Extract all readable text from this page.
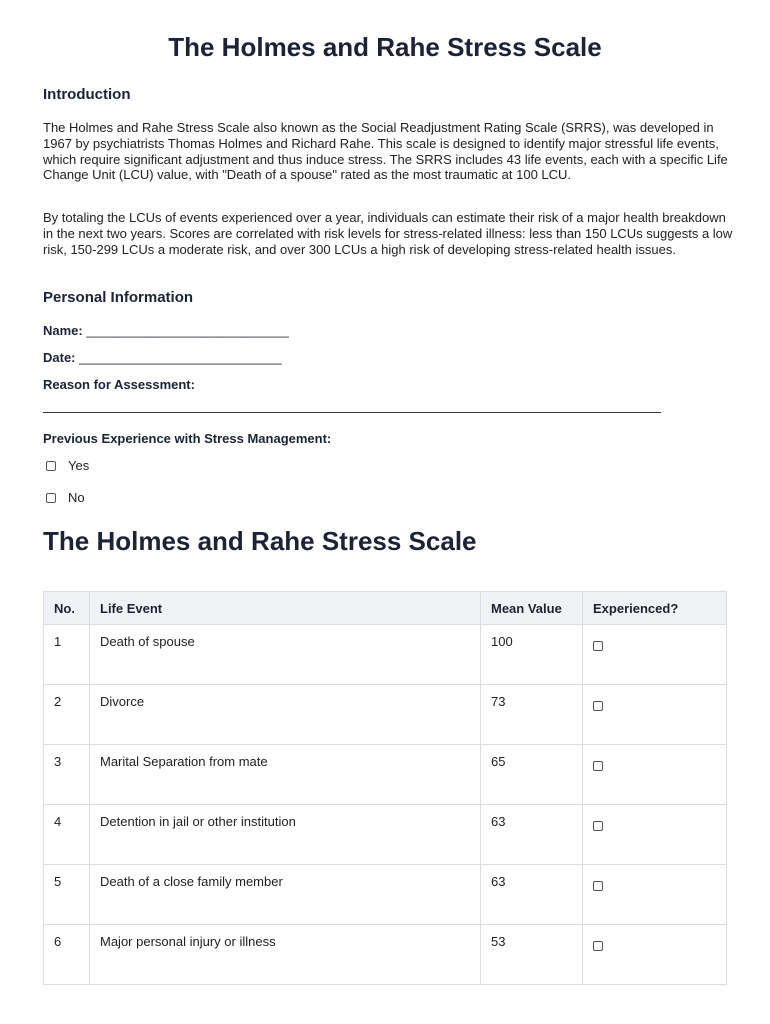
The Holmes and Rahe Stress Scale
Introduction

The Holmes and Rahe Stress Scale also known as the Social Readjustment Rating Scale (SRRS), was developed in 1967 by psychiatrists Thomas Holmes and Richard Rahe. This scale is designed to identify major stressful life events, which require significant adjustment and thus induce stress. The SRRS includes 43 life events, each with a specific Life Change Unit (LCU) value, with "Death of a spouse" rated as the most traumatic at 100 LCU.

By totaling the LCUs of events experienced over a year, individuals can estimate their risk of a major health breakdown in the next two years. Scores are correlated with risk levels for stress-related illness: less than 150 LCUs suggests a low risk, 150-299 LCUs a moderate risk, and over 300 LCUs a high risk of developing stress-related health issues.

Personal Information
Name: ____________________________
Date: ____________________________
Reason for Assessment:
Previous Experience with Stress Management:
Yes
No
The Holmes and Rahe Stress Scale
No.	Life Event	Mean Value	Experienced?
1	Death of spouse	100	
2	Divorce	73	
3	Marital Separation from mate	65	
4	Detention in jail or other institution	63	
5	Death of a close family member	63	
6	Major personal injury or illness	53	
